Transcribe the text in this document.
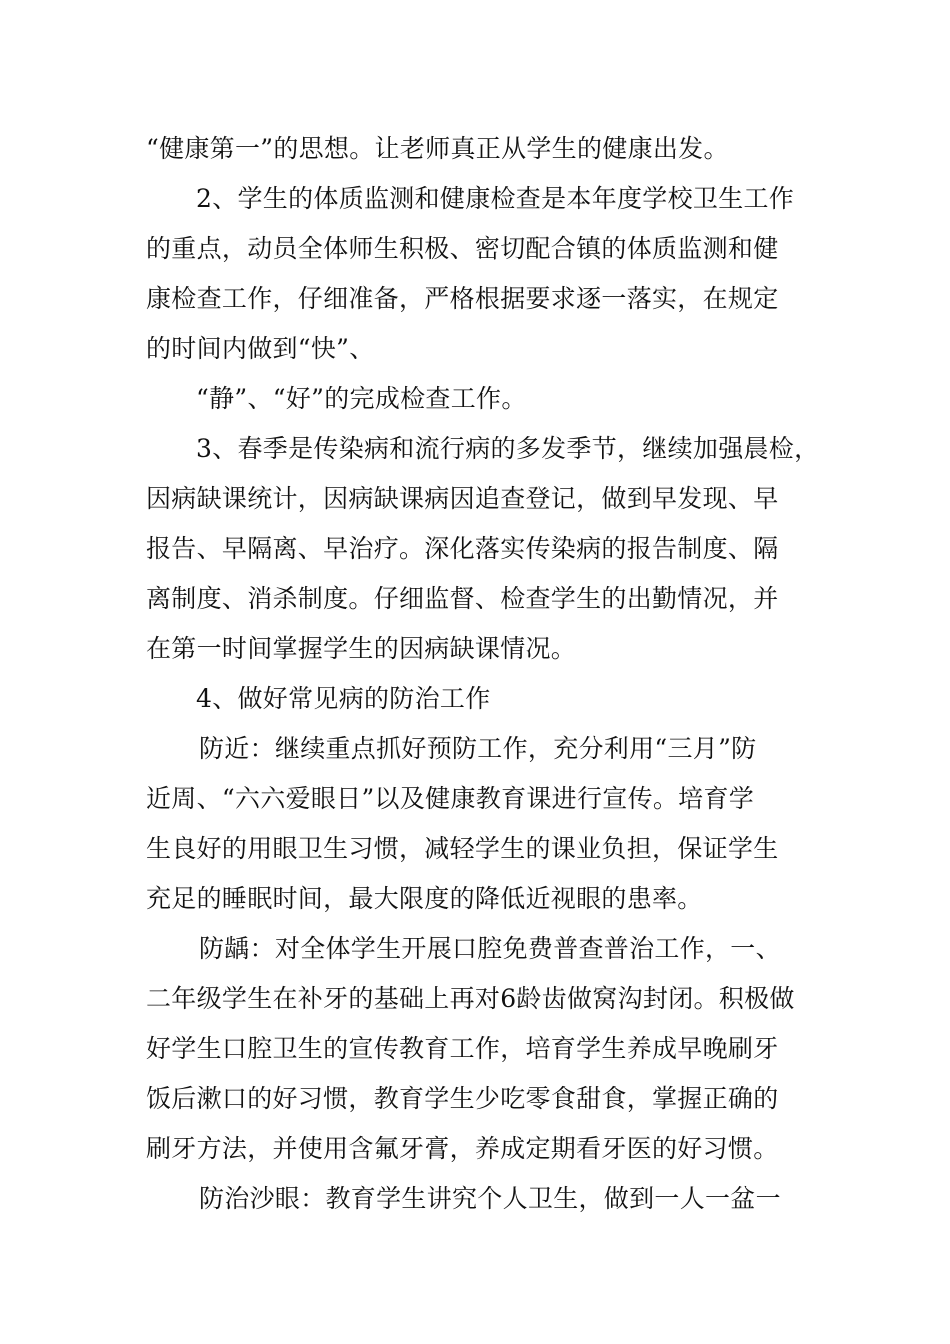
“健康第一”的思想。让老师真正从学生的健康出发。
2、学生的体质监测和健康检查是本年度学校卫生工作
的重点，动员全体师生积极、密切配合镇的体质监测和健
康检查工作，仔细准备，严格根据要求逐一落实，在规定
的时间内做到“快”、
“静”、“好”的完成检查工作。
3、春季是传染病和流行病的多发季节，继续加强晨检，
因病缺课统计，因病缺课病因追查登记，做到早发现、早
报告、早隔离、早治疗。深化落实传染病的报告制度、隔
离制度、消杀制度。仔细监督、检查学生的出勤情况，并
在第一时间掌握学生的因病缺课情况。
4、做好常见病的防治工作
防近：继续重点抓好预防工作，充分利用“三月”防
近周、“六六爱眼日”以及健康教育课进行宣传。培育学
生良好的用眼卫生习惯，减轻学生的课业负担，保证学生
充足的睡眠时间，最大限度的降低近视眼的患率。
防龋：对全体学生开展口腔免费普查普治工作，一、
二年级学生在补牙的基础上再对6龄齿做窝沟封闭。积极做
好学生口腔卫生的宣传教育工作，培育学生养成早晚刷牙
饭后漱口的好习惯，教育学生少吃零食甜食，掌握正确的
刷牙方法，并使用含氟牙膏，养成定期看牙医的好习惯。
防治沙眼：教育学生讲究个人卫生，做到一人一盆一
